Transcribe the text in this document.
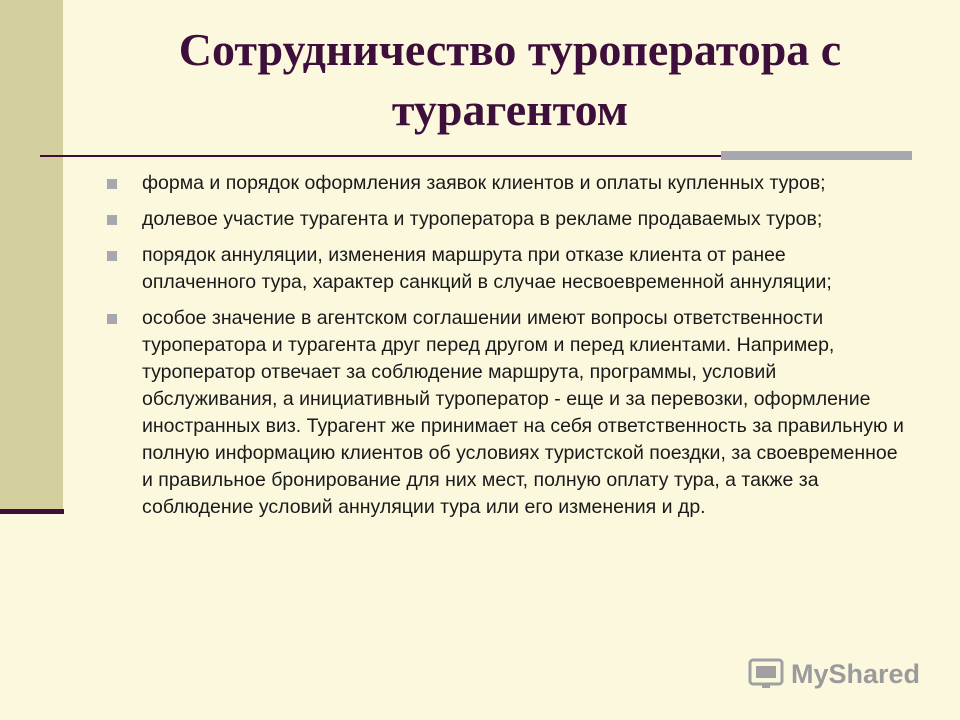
Сотрудничество туроператора с турагентом
форма и порядок оформления заявок клиентов и оплаты купленных туров;
долевое участие турагента и туроператора в рекламе продаваемых туров;
порядок аннуляции, изменения маршрута при отказе клиента от ранее оплаченного тура, характер санкций в случае несвоевременной аннуляции;
особое значение в агентском соглашении имеют вопросы ответственности туроператора и турагента друг перед другом и перед клиентами. Например, туроператор отвечает за соблюдение маршрута, программы, условий обслуживания, а инициативный туроператор - еще и за перевозки, оформление иностранных виз. Турагент же принимает на себя ответственность за правильную и полную информацию клиентов об условиях туристской поездки, за своевременное и правильное бронирование для них мест, полную оплату тура, а также за соблюдение условий аннуляции тура или его изменения и др.
MyShared
